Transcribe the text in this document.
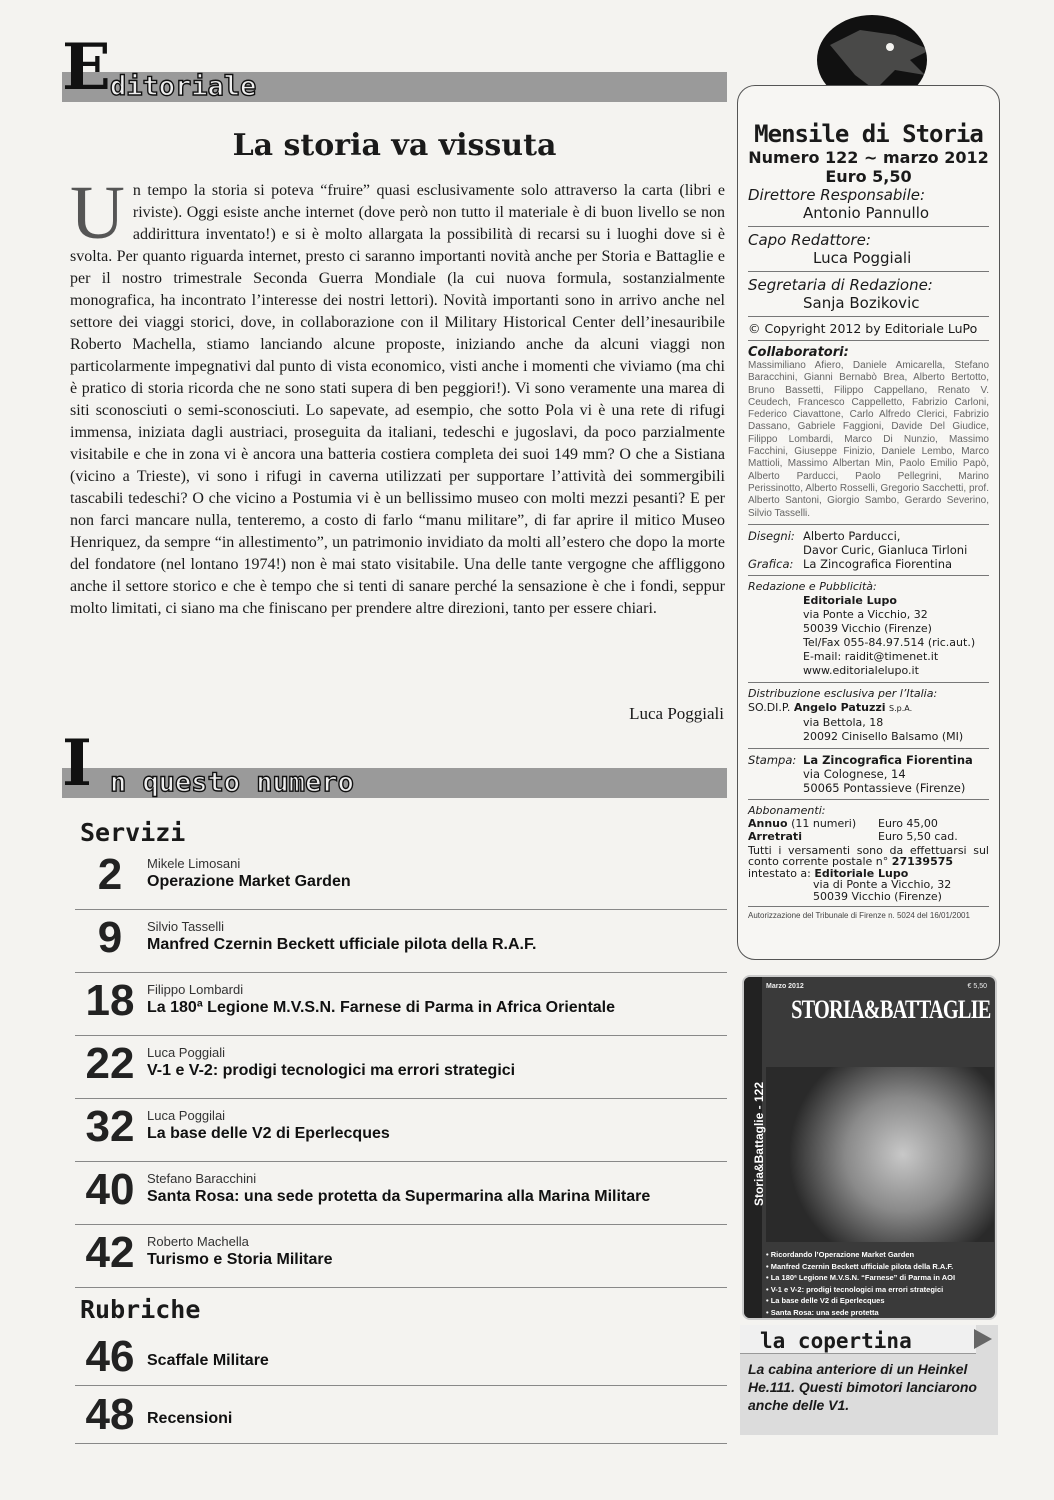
E ditoriale
La storia va vissuta
U n tempo la storia si poteva “fruire” quasi esclusivamente solo attraverso la carta (libri e riviste). Oggi esiste anche internet (dove però non tutto il materiale è di buon livello se non addirittura inventato!) e si è molto allargata la possibilità di recarsi su i luoghi dove si è svolta. Per quanto riguarda internet, presto ci saranno importanti novità anche per Storia e Battaglie e per il nostro trimestrale Seconda Guerra Mondiale (la cui nuova formula, sostanzialmente monografica, ha incontrato l’interesse dei nostri lettori). Novità importanti sono in arrivo anche nel settore dei viaggi storici, dove, in collaborazione con il Military Historical Center dell’inesauribile Roberto Machella, stiamo lanciando alcune proposte, iniziando anche da alcuni viaggi non particolarmente impegnativi dal punto di vista economico, visti anche i momenti che viviamo (ma chi è pratico di storia ricorda che ne sono stati supera di ben peggiori!). Vi sono veramente una marea di siti sconosciuti o semi-sconosciuti. Lo sapevate, ad esempio, che sotto Pola vi è una rete di rifugi immensa, iniziata dagli austriaci, proseguita da italiani, tedeschi e jugoslavi, da poco parzialmente visitabile e che in zona vi è ancora una batteria costiera completa dei suoi 149 mm? O che a Sistiana (vicino a Trieste), vi sono i rifugi in caverna utilizzati per supportare l’attività dei sommergibili tascabili tedeschi? O che vicino a Postumia vi è un bellissimo museo con molti mezzi pesanti? E per non farci mancare nulla, tenteremo, a costo di farlo “manu militare”, di far aprire il mitico Museo Henriquez, da sempre “in allestimento”, un patrimonio invidiato da molti all’estero che dopo la morte del fondatore (nel lontano 1974!) non è mai stato visitabile. Una delle tante vergogne che affliggono anche il settore storico e che è tempo che si tenti di sanare perché la sensazione è che i fondi, seppur molto limitati, ci siano ma che finiscano per prendere altre direzioni, tanto per essere chiari.
Luca Poggiali
I n questo numero
Servizi
2	Mikele Limosani
Operazione Market Garden
9	Silvio Tasselli
Manfred Czernin Beckett ufficiale pilota della R.A.F.
18 Filippo Lombardi
La 180ª Legione M.V.S.N. Farnese di Parma in Africa Orientale
22 Luca Poggiali
V-1 e V-2: prodigi tecnologici ma errori strategici
32 Luca Poggilai
La base delle V2 di Eperlecques
40 Stefano Baracchini
Santa Rosa: una sede protetta da Supermarina alla Marina Militare
42 Roberto Machella
Turismo e Storia Militare
Rubriche
46 Scaffale Militare
48 Recensioni
Mensile di Storia
Numero 122 ~ marzo 2012
Euro 5,50
Direttore Responsabile:
Antonio Pannullo
Capo Redattore:
Luca Poggiali
Segretaria di Redazione:
Sanja Bozikovic
© Copyright 2012 by Editoriale LuPo
Collaboratori:
Massimiliano Afiero, Daniele Amicarella, Stefano Baracchini, Gianni Bernabò Brea, Alberto Bertotto, Bruno Bassetti, Filippo Cappellano, Renato V. Ceudech, Francesco Cappelletto, Fabrizio Carloni, Federico Ciavattone, Carlo Alfredo Clerici, Fabrizio Dassano, Gabriele Faggioni, Davide Del Giudice, Filippo Lombardi, Marco Di Nunzio, Massimo Facchini, Giuseppe Finizio, Daniele Lembo, Marco Mattioli, Massimo Albertan Min, Paolo Emilio Papò, Alberto Parducci, Paolo Pellegrini, Marino Perissinotto, Alberto Rosselli, Gregorio Sacchetti, prof. Alberto Santoni, Giorgio Sambo, Gerardo Severino, Silvio Tasselli.
Disegni: Alberto Parducci,
Davor Curic, Gianluca Tirloni
Grafica: La Zincografica Fiorentina
Redazione e Pubblicità:
Editoriale Lupo
via Ponte a Vicchio, 32
50039 Vicchio (Firenze)
Tel/Fax 055-84.97.514 (ric.aut.)
E-mail: raidit@timenet.it
www.editorialelupo.it
Distribuzione esclusiva per l’Italia:
SO.DI.P. Angelo Patuzzi S.p.A.
via Bettola, 18
20092 Cinisello Balsamo (MI)
Stampa: La Zincografica Fiorentina
via Colognese, 14
50065 Pontassieve (Firenze)
Abbonamenti:
Annuo (11 numeri)	Euro 45,00
Arretrati	Euro 5,50 cad.
Tutti i versamenti sono da effettuarsi sul conto corrente postale n° 27139575
intestato a: Editoriale Lupo
via di Ponte a Vicchio, 32
50039 Vicchio (Firenze)
Autorizzazione del Tribunale di Firenze n. 5024 del 16/01/2001
Storia&Battaglie - 122
Marzo 2012	€ 5,50
STORIA&BATTAGLIE
• Ricordando l’Operazione Market Garden
• Manfred Czernin Beckett ufficiale pilota della R.A.F.
• La 180ª Legione M.V.S.N. “Farnese” di Parma in AOI
• V-1 e V-2: prodigi tecnologici ma errori strategici
• La base delle V2 di Eperlecques
• Santa Rosa: una sede protetta
la copertina
La cabina anteriore di un Heinkel He.111. Questi bimotori lanciarono anche delle V1.
